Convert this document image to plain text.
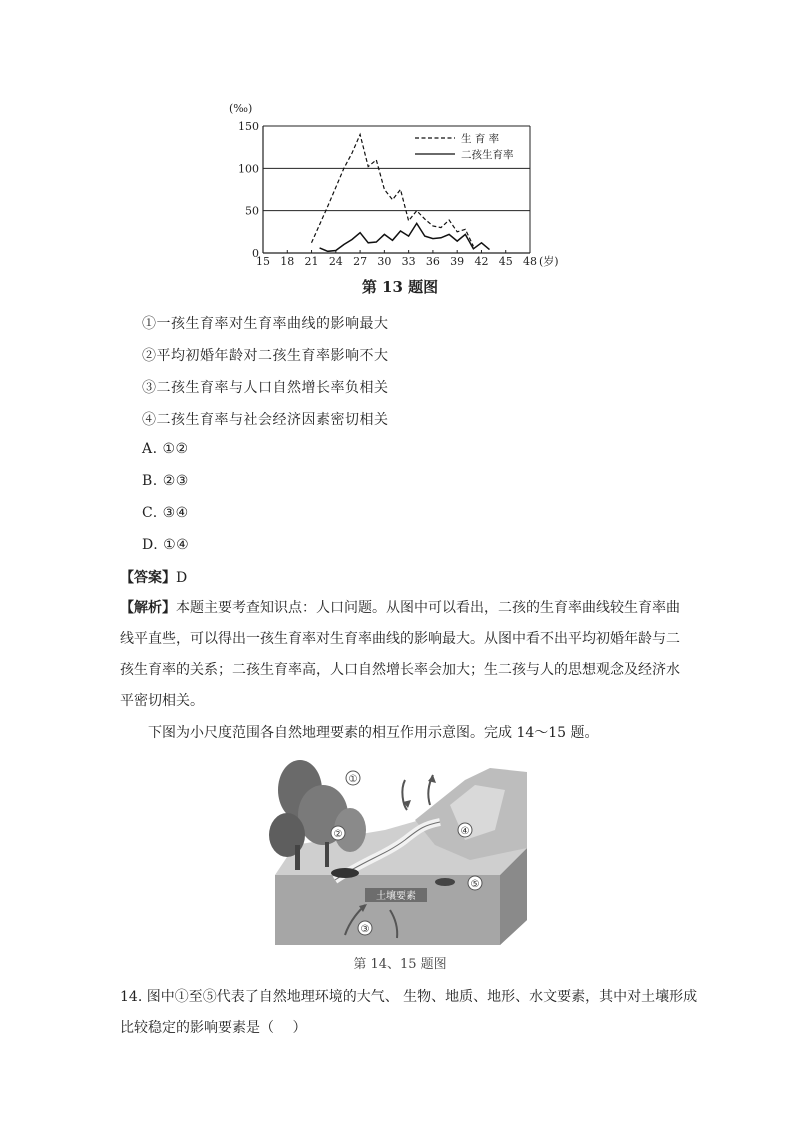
0
50
100
150
15 18 21 24 27 30 33 36 39 42 45 48
生 育 率
二孩生育率
(‰)
(岁)
第 13 题图
①一孩生育率对生育率曲线的影响最大
②平均初婚年龄对二孩生育率影响不大
③二孩生育率与人口自然增长率负相关
④二孩生育率与社会经济因素密切相关
A. ①②
B. ②③
C. ③④
D. ①④
【答案】D
【解析】本题主要考查知识点：人口问题。从图中可以看出，二孩的生育率曲线较生育率曲线平直些，可以得出一孩生育率对生育率曲线的影响最大。从图中看不出平均初婚年龄与二孩生育率的关系；二孩生育率高，人口自然增长率会加大；生二孩与人的思想观念及经济水平密切相关。
下图为小尺度范围各自然地理要素的相互作用示意图。完成 14～15 题。
土壤要素
①
②
③
④
⑤
第 14、15 题图
14. 图中①至⑤代表了自然地理环境的大气、 生物、地质、地形、水文要素，其中对土壤形成比较稳定的影响要素是（　 ）
